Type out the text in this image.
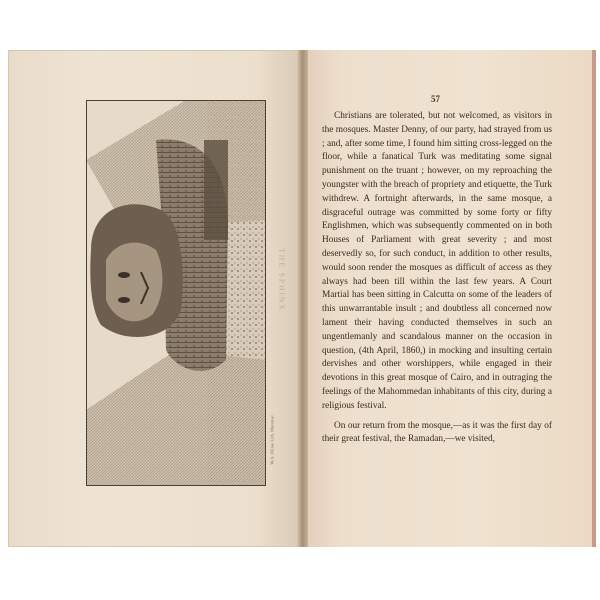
THE SPHINX
W.A. Dillon Lith. Montreal
57

Christians are tolerated, but not welcomed, as visitors in the mosques. Master Denny, of our party, had strayed from us ; and, after some time, I found him sitting cross-legged on the floor, while a fanatical Turk was meditating some signal punishment on the truant ; however, on my reproaching the youngster with the breach of propriety and etiquette, the Turk withdrew. A fortnight afterwards, in the same mosque, a disgraceful outrage was committed by some forty or fifty Englishmen, which was subsequently commented on in both Houses of Parliament with great severity ; and most deservedly so, for such conduct, in addition to other results, would soon render the mosques as difficult of access as they always had been till within the last few years. A Court Martial has been sitting in Calcutta on some of the leaders of this unwarrantable insult ; and doubtless all concerned now lament their having conducted themselves in such an ungentlemanly and scandalous manner on the occasion in question, (4th April, 1860,) in mocking and insulting certain dervishes and other worshippers, while engaged in their devotions in this great mosque of Cairo, and in outraging the feelings of the Mahommedan inhabitants of this city, during a religious festival.

On our return from the mosque,—as it was the first day of their great festival, the Ramadan,—we visited,
